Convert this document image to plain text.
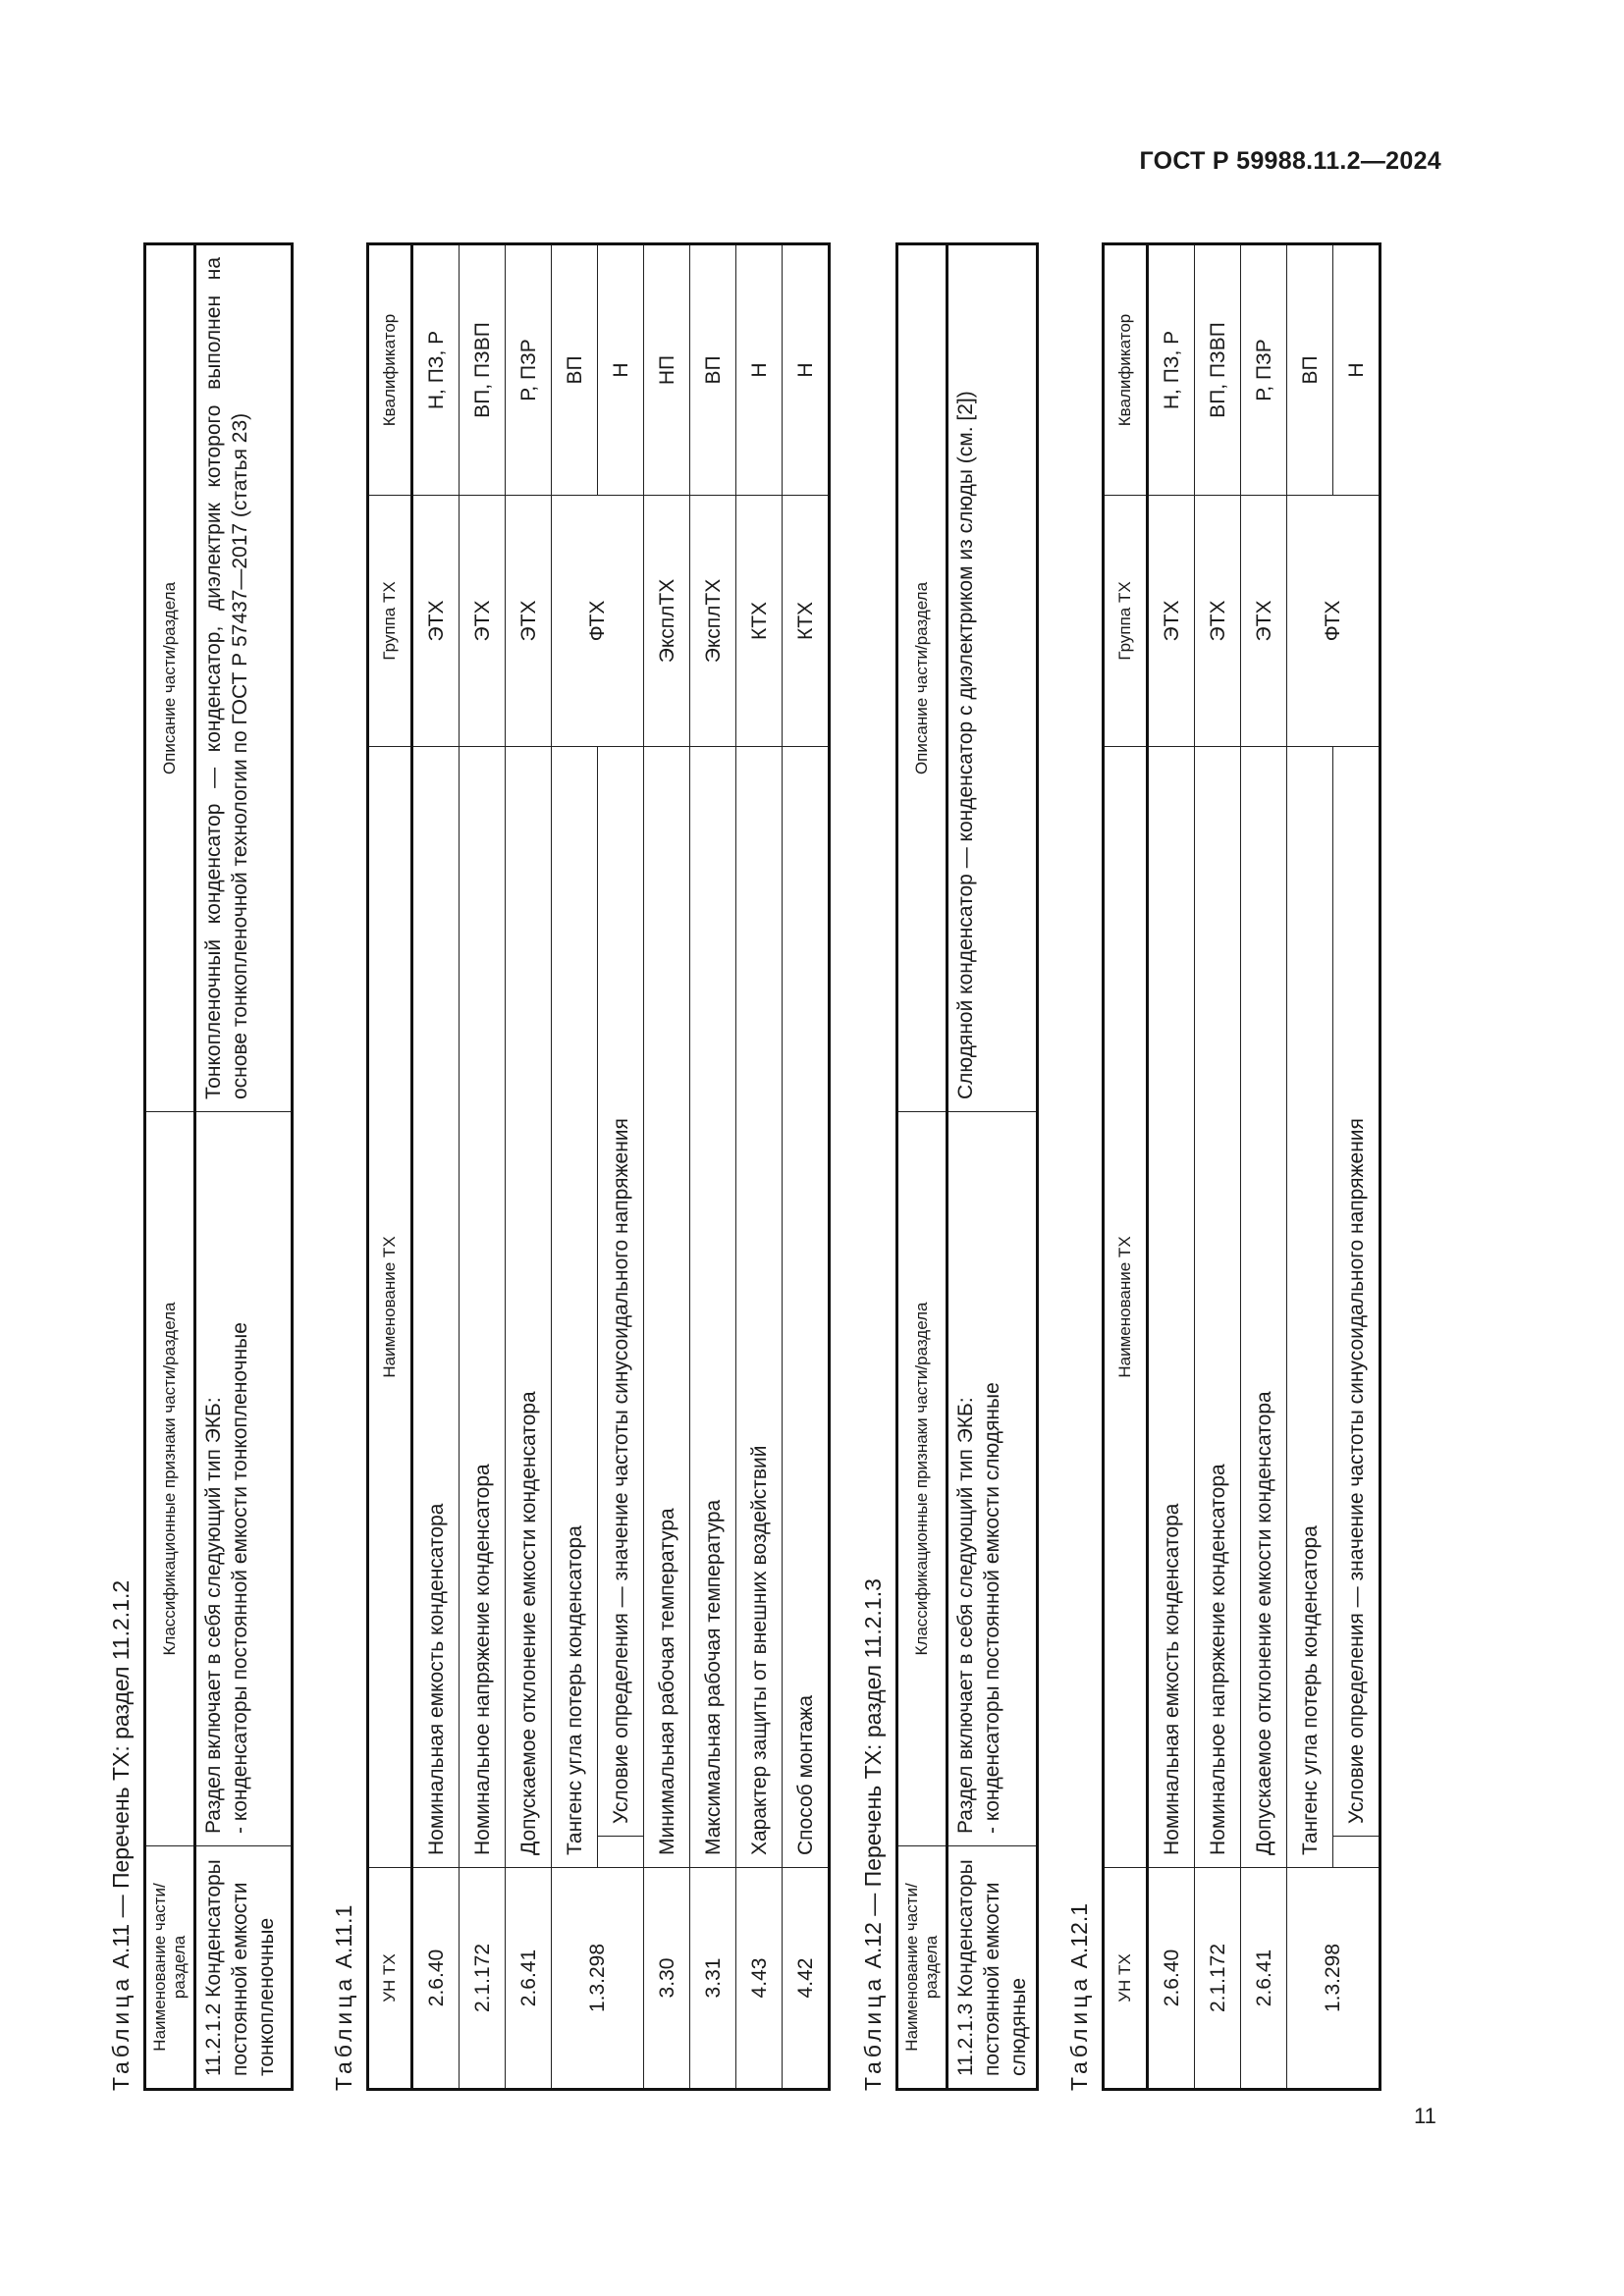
ГОСТ Р 59988.11.2—2024

Таблица А.11 — Перечень ТХ: раздел 11.2.1.2 Наименование части/раздела	Классификационные признаки части/раздела	Описание части/раздела
11.2.1.2 Конденсаторы постоянной емкости тонкопленочные	Раздел включает в себя следующий тип ЭКБ:
- конденсаторы постоянной емкости тонкопленочные	Тонкопленочный конденсатор — конденсатор, диэлектрик которого выполнен на основе тонкопленочной технологии по ГОСТ Р 57437—2017 (статья 23)

Таблица А.11.1

УН ТХ	Наименование ТХ		Группа ТХ	Квалификатор
2.6.40	Номинальная емкость конденсатора		ЭТХ	Н, ПЗ, Р
2.1.172	Номинальное напряжение конденсатора		ЭТХ	ВП, ПЗВП
2.6.41	Допускаемое отклонение емкости конденсатора		ЭТХ	Р, ПЗР
1.3.298	Тангенс угла потерь конденсатора		ФТХ	ВП
		Условие определения — значение частоты синусоидального напряжения		Н
3.30	Минимальная рабочая температура		ЭксплТХ	НП
3.31	Максимальная рабочая температура		ЭксплТХ	ВП
4.43	Характер защиты от внешних воздействий		КТХ	Н
4.42	Способ монтажа		КТХ	Н

Таблица А.12 — Перечень ТХ: раздел 11.2.1.3 Наименование части/раздела	Классификационные признаки части/раздела	Описание части/раздела
11.2.1.3 Конденсаторы постоянной емкости слюдяные	Раздел включает в себя следующий тип ЭКБ:
- конденсаторы постоянной емкости слюдяные	Слюдяной конденсатор — конденсатор с диэлектриком из слюды (см. [2])

Таблица А.12.1

УН ТХ	Наименование ТХ		Группа ТХ	Квалификатор
2.6.40	Номинальная емкость конденсатора		ЭТХ	Н, ПЗ, Р
2.1.172	Номинальное напряжение конденсатора		ЭТХ	ВП, ПЗВП
2.6.41	Допускаемое отклонение емкости конденсатора		ЭТХ	Р, ПЗР
1.3.298	Тангенс угла потерь конденсатора		ФТХ	ВП
		Условие определения — значение частоты синусоидального напряжения		Н
11
